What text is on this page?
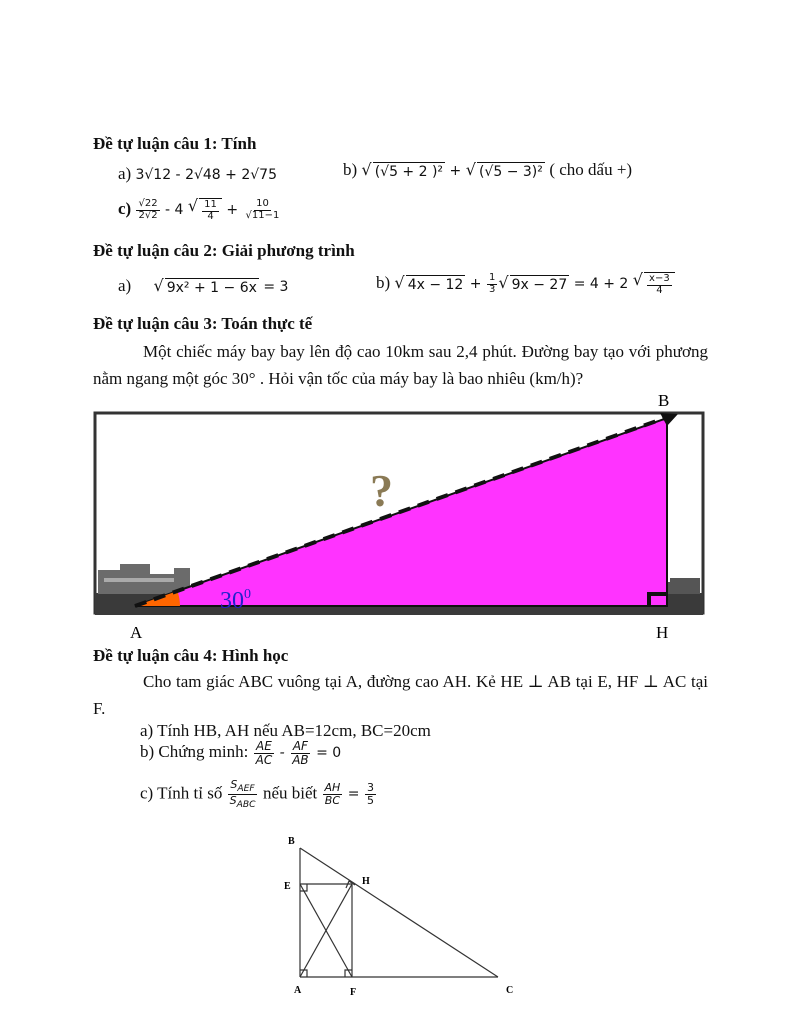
Đề tự luận câu 1: Tính
a) 3√12 - 2√48 + 2√75	b) √ (√5 + 2 )² + √ (√5 − 3)² ( cho dấu +)
$c) \frac{√22}{2√2} - 4$ √ $\frac{11}{4} + \frac{10}{√11-1}$
Đề tự luận câu 2: Giải phương trình
a) √ 9x² + 1 − 6x = 3	b) √ $4x - 12 + \frac{1}{3}$ √ 9x − 27 = 4 + 2 √ $\frac{x-3}{4}$
Đề tự luận câu 3: Toán thực tế
Một chiếc máy bay bay lên độ cao 10km sau 2,4 phút. Đường bay tạo với phương nằm ngang một góc 30° . Hỏi vận tốc của máy bay là bao nhiêu (km/h)?
A
B
H
$30^0$
?
Đề tự luận câu 4: Hình học
Cho tam giác ABC vuông tại A, đường cao AH. Kẻ HE ⊥ AB tại E, HF ⊥ AC tại F.
a) Tính HB, AH nếu AB=12cm, BC=20cm
b) Chứng minh: $\frac{AE}{AC} - \frac{AF}{AB} = 0$
c) Tính tỉ số $\frac{S_{AEF}}{S_{ABC}}$ nếu biết $\frac{AH}{BC} = \frac{3}{5}$
B
E	H
A	F	C
